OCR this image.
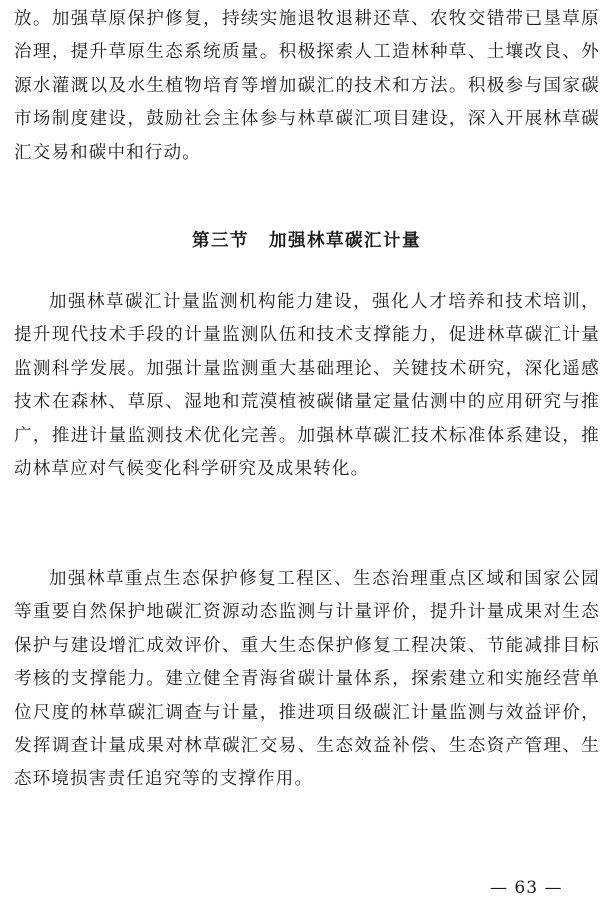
放。加强草原保护修复，持续实施退牧退耕还草、农牧交错带已垦草原治理，提升草原生态系统质量。积极探索人工造林种草、土壤改良、外源水灌溉以及水生植物培育等增加碳汇的技术和方法。积极参与国家碳市场制度建设，鼓励社会主体参与林草碳汇项目建设，深入开展林草碳汇交易和碳中和行动。

第三节 加强林草碳汇计量

加强林草碳汇计量监测机构能力建设，强化人才培养和技术培训，提升现代技术手段的计量监测队伍和技术支撑能力，促进林草碳汇计量监测科学发展。加强计量监测重大基础理论、关键技术研究，深化遥感技术在森林、草原、湿地和荒漠植被碳储量定量估测中的应用研究与推广，推进计量监测技术优化完善。加强林草碳汇技术标准体系建设，推动林草应对气候变化科学研究及成果转化。

加强林草重点生态保护修复工程区、生态治理重点区域和国家公园等重要自然保护地碳汇资源动态监测与计量评价，提升计量成果对生态保护与建设增汇成效评价、重大生态保护修复工程决策、节能减排目标考核的支撑能力。建立健全青海省碳计量体系，探索建立和实施经营单位尺度的林草碳汇调查与计量，推进项目级碳汇计量监测与效益评价，发挥调查计量成果对林草碳汇交易、生态效益补偿、生态资产管理、生态环境损害责任追究等的支撑作用。

— 63 —
